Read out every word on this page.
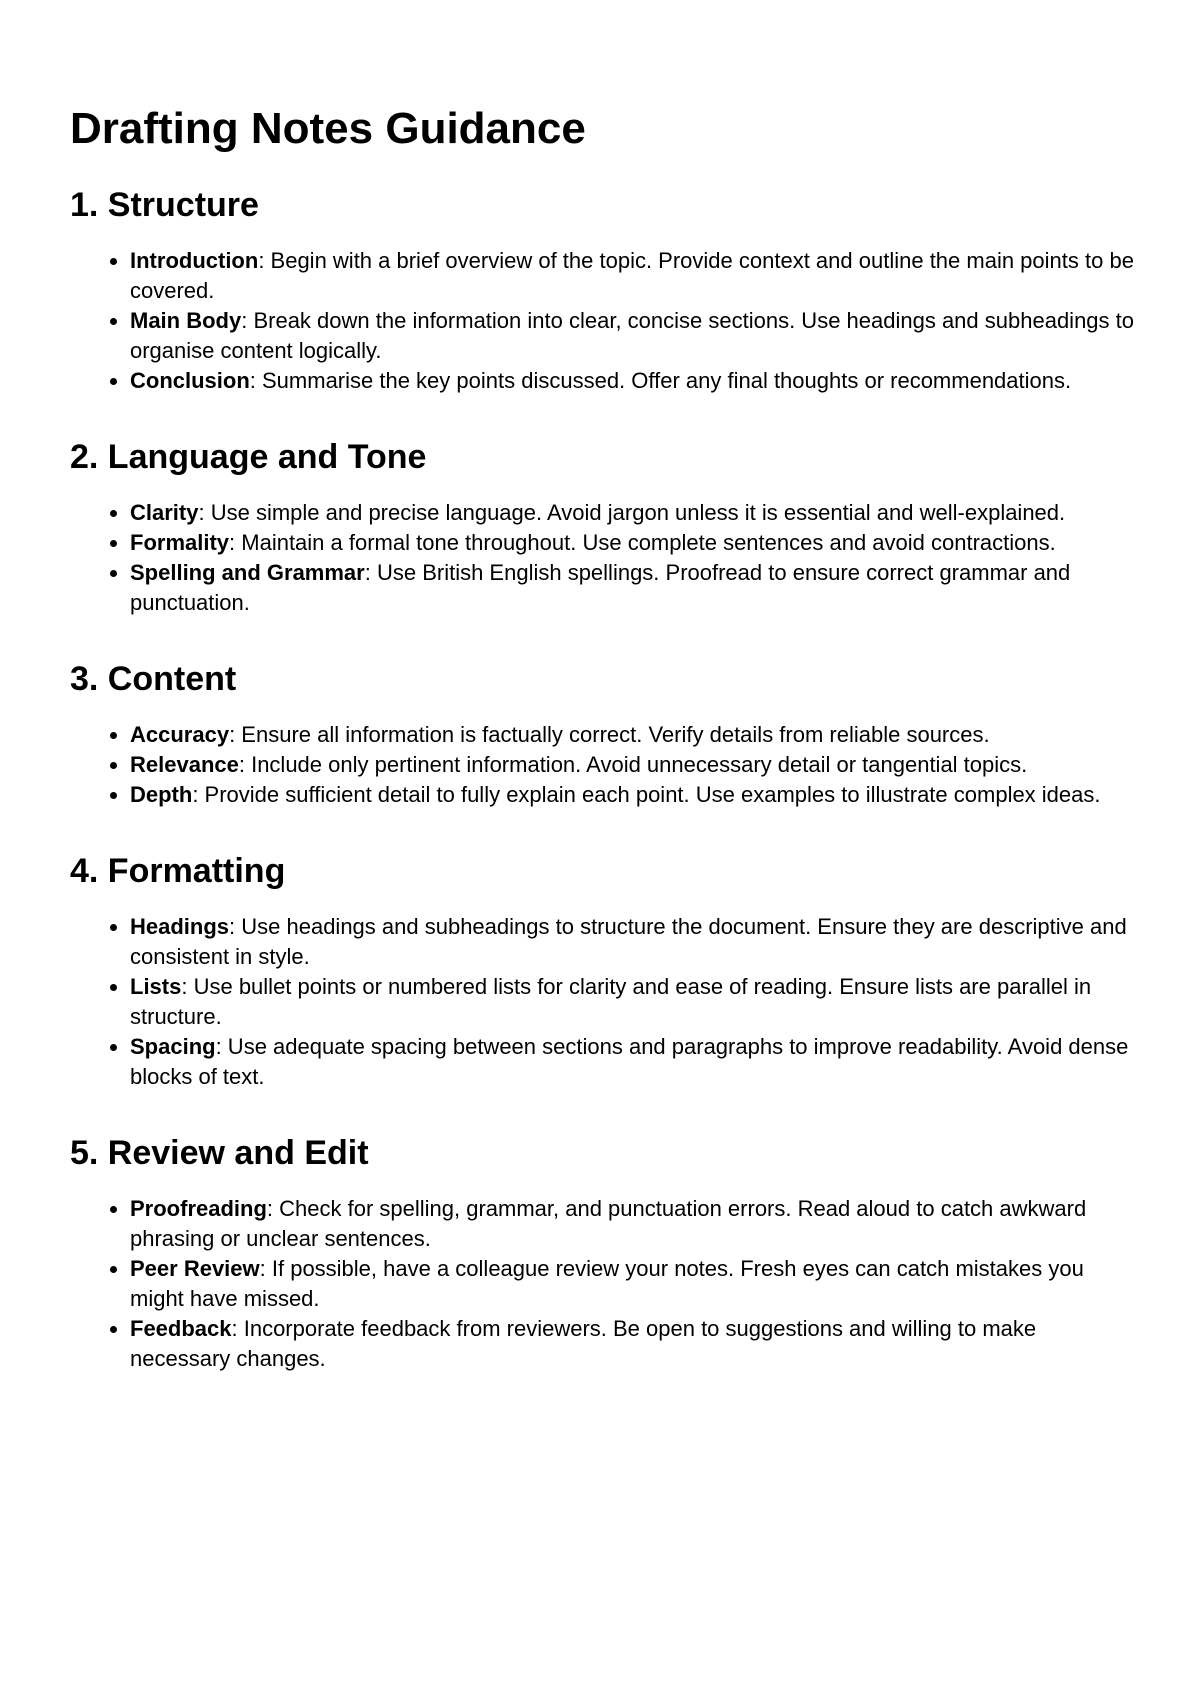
Drafting Notes Guidance
1. Structure
Introduction: Begin with a brief overview of the topic. Provide context and outline the main points to be covered.
Main Body: Break down the information into clear, concise sections. Use headings and subheadings to organise content logically.
Conclusion: Summarise the key points discussed. Offer any final thoughts or recommendations.
2. Language and Tone
Clarity: Use simple and precise language. Avoid jargon unless it is essential and well-explained.
Formality: Maintain a formal tone throughout. Use complete sentences and avoid contractions.
Spelling and Grammar: Use British English spellings. Proofread to ensure correct grammar and punctuation.
3. Content
Accuracy: Ensure all information is factually correct. Verify details from reliable sources.
Relevance: Include only pertinent information. Avoid unnecessary detail or tangential topics.
Depth: Provide sufficient detail to fully explain each point. Use examples to illustrate complex ideas.
4. Formatting
Headings: Use headings and subheadings to structure the document. Ensure they are descriptive and consistent in style.
Lists: Use bullet points or numbered lists for clarity and ease of reading. Ensure lists are parallel in structure.
Spacing: Use adequate spacing between sections and paragraphs to improve readability. Avoid dense blocks of text.
5. Review and Edit
Proofreading: Check for spelling, grammar, and punctuation errors. Read aloud to catch awkward phrasing or unclear sentences.
Peer Review: If possible, have a colleague review your notes. Fresh eyes can catch mistakes you might have missed.
Feedback: Incorporate feedback from reviewers. Be open to suggestions and willing to make necessary changes.
